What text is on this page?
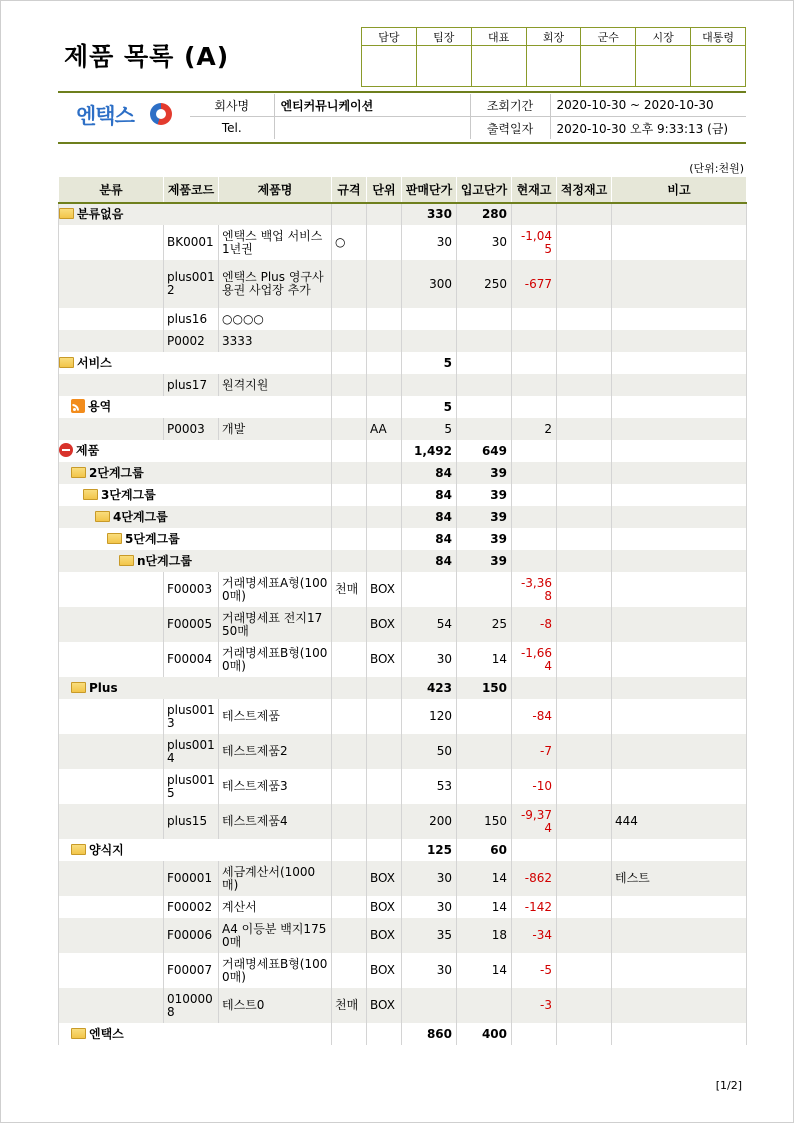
제품 목록 (A)
담당	팀장	대표	회장	군수	시장	대통령

엔택스	회사명	엔티커뮤니케이션	조회기간	2020-10-30 ~ 2020-10-30
Tel.		출력일자	2020-10-30 오후 9:33:13 (금)
(단위:천원)
분류	제품코드	제품명	규격	단위	판매단가	입고단가	현재고	적정재고	비고
분류없음					330	280			
	BK0001	엔택스 백업 서비스 1년권	○		30	30	-1,045		
	plus0012	엔택스 Plus 영구사용권 사업장 추가			300	250	-677		
	plus16	○○○○							
	P0002	3333							
서비스					5				
	plus17	원격지원							
용역					5				
	P0003	개발		AA	5		2		
제품					1,492	649			
2단계그룹					84	39			
3단계그룹					84	39			
4단계그룹					84	39			
5단계그룹					84	39			
n단계그룹					84	39			
	F00003	거래명세표A형(1000매)	천매	BOX			-3,368		
	F00005	거래명세표 전지1750매		BOX	54	25	-8		
	F00004	거래명세표B형(1000매)		BOX	30	14	-1,664		
Plus					423	150			
	plus0013	테스트제품			120		-84		
	plus0014	테스트제품2			50		-7		
	plus0015	테스트제품3			53		-10		
	plus15	테스트제품4			200	150	-9,374		444
양식지					125	60			
	F00001	세금계산서(1000매)		BOX	30	14	-862		테스트
	F00002	계산서		BOX	30	14	-142		
	F00006	A4 이등분 백지1750매		BOX	35	18	-34		
	F00007	거래명세표B형(1000매)		BOX	30	14	-5		
	0100008	테스트0	천매	BOX			-3		
엔택스					860	400			
[1/2]
